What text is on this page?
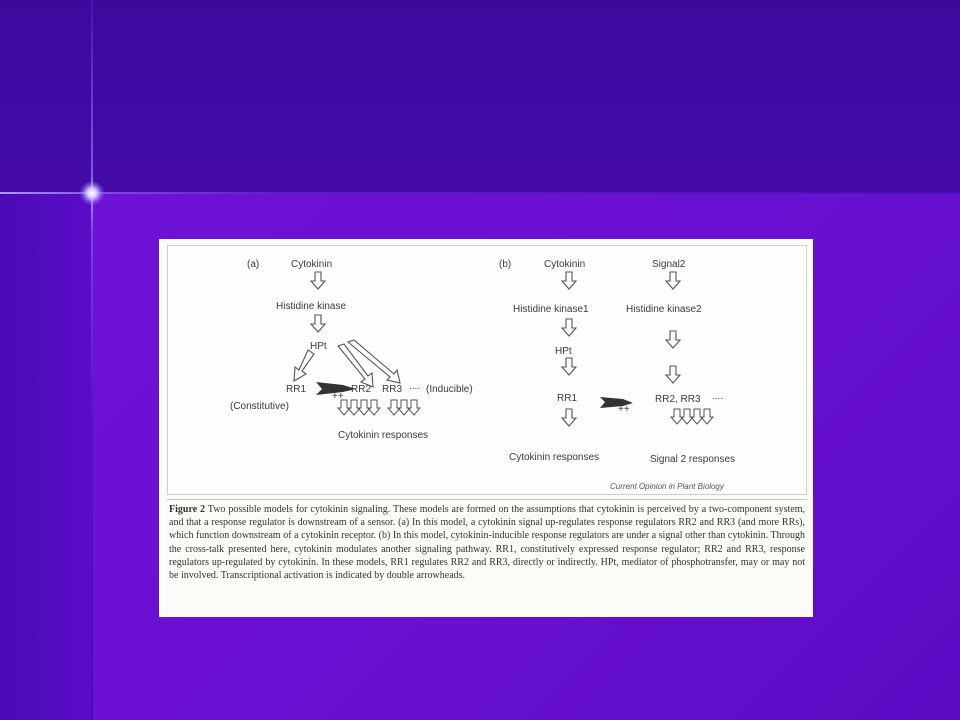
(a)	Cytokinin
Histidine kinase
HPt
RR1
++
RR2 RR3 .... (Inducible)
(Constitutive)
Cytokinin responses
(b)	Cytokinin	Signal2
Histidine kinase1	Histidine kinase2
HPt
RR1
++
RR2, RR3 ....
Cytokinin responses	Signal 2 responses
Current Opinion in Plant Biology

Figure 2 Two possible models for cytokinin signaling. These models are formed on the assumptions that cytokinin is perceived by a two-component system, and that a response regulator is downstream of a sensor. (a) In this model, a cytokinin signal up-regulates response regulators RR2 and RR3 (and more RRs), which function downstream of a cytokinin receptor. (b) In this model, cytokinin-inducible response regulators are under a signal other than cytokinin. Through the cross-talk presented here, cytokinin modulates another signaling pathway. RR1, constitutively expressed response regulator; RR2 and RR3, response regulators up-regulated by cytokinin. In these models, RR1 regulates RR2 and RR3, directly or indirectly. HPt, mediator of phosphotransfer, may or may not be involved. Transcriptional activation is indicated by double arrowheads.
